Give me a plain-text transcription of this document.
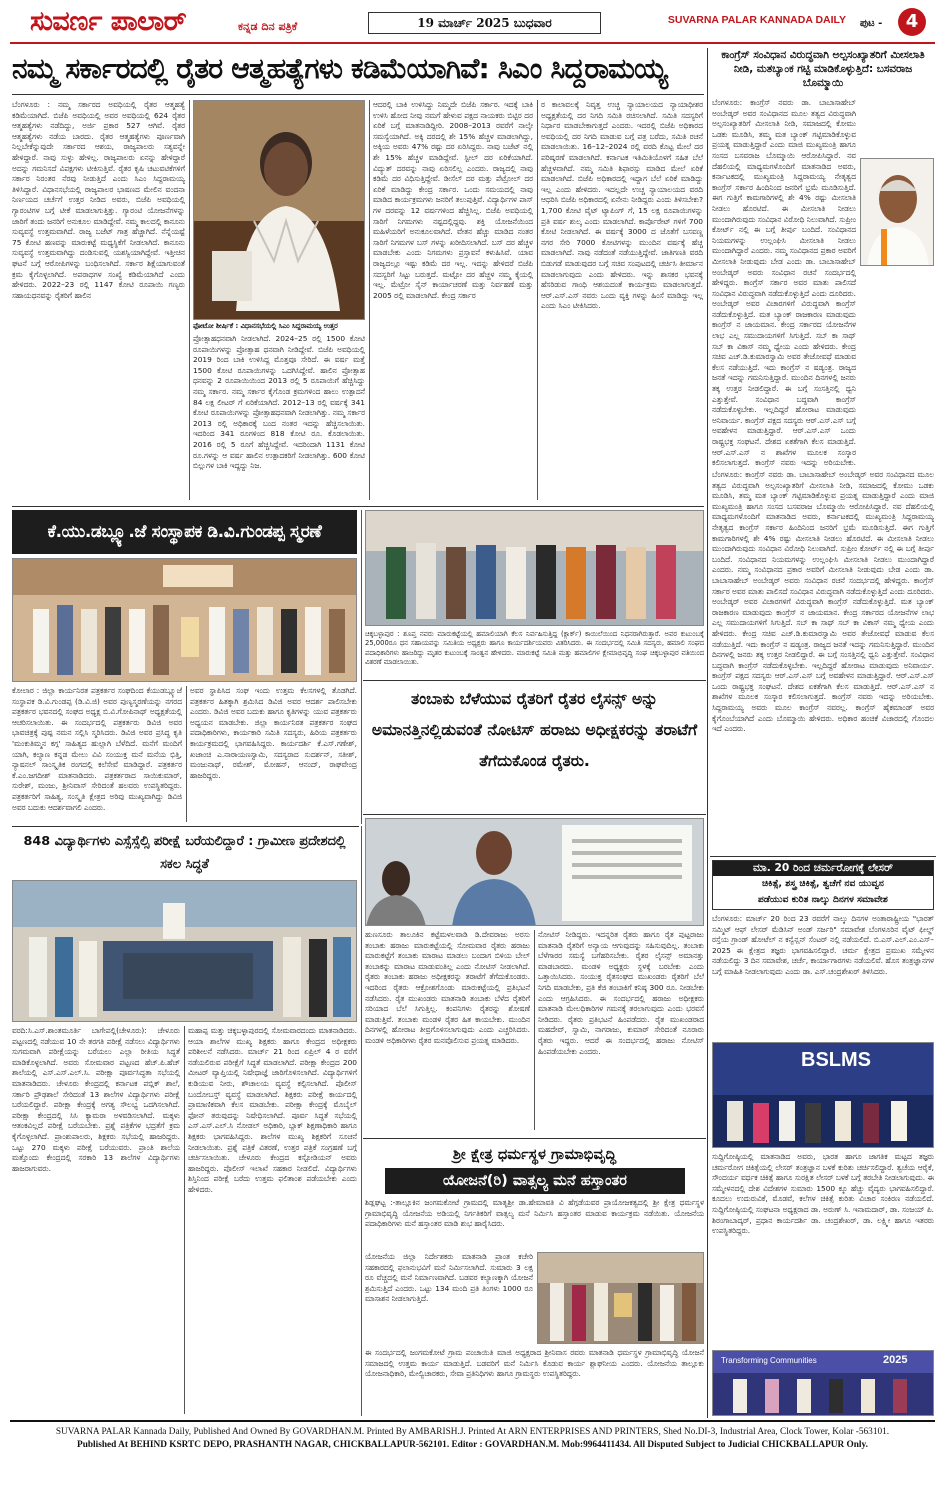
ಸುವರ್ಣ ಪಾಲಾರ್	ಕನ್ನಡ ದಿನ ಪತ್ರಿಕೆ	19 ಮಾರ್ಚ್ 2025 ಬುಧವಾರ	SUVARNA PALAR KANNADA DAILY ಪುಟ -	4
ನಮ್ಮ ಸರ್ಕಾರದಲ್ಲಿ ರೈತರ ಆತ್ಮಹತ್ಯೆಗಳು ಕಡಿಮೆಯಾಗಿವೆ: ಸಿಎಂ ಸಿದ್ದರಾಮಯ್ಯ
ಬೆಂಗಳೂರು : ನಮ್ಮ ಸರ್ಕಾರದ ಅವಧಿಯಲ್ಲಿ ರೈತರ ಆತ್ಮಹತ್ಯೆ ಕಡಿಮೆಯಾಗಿದೆ. ಬಿಜೆಪಿ ಅವಧಿಯಲ್ಲಿ ಅವರ ಅವಧಿಯಲ್ಲಿ 624 ರೈತರ ಆತ್ಮಹತ್ಯೆಗಳು ನಡೆದಿದ್ದು, ಅರ್ಜಿ ಪ್ರಕಾರ 527 ಆಗಿವೆ. ರೈತರ ಆತ್ಮಹತ್ಯೆಗಳು ನಡೆಯ ಬಾರದು. ರೈತರ ಆತ್ಮಹತ್ಯೆಗಳು ಪೂರ್ಣವಾಗಿ ನಿಲ್ಲಬೇಕೆನ್ನುವುದೇ ಸರ್ಕಾರದ ಆಶಯ, ರಾಜ್ಯಪಾಲರು ಸತ್ಯವನ್ನೇ ಹೇಳಿದ್ದಾರೆ. ನಾವು ಸುಳ್ಳು ಹೇಳಿಲ್ಲ. ರಾಜ್ಯಪಾಲರು ಏನನ್ನು ಹೇಳಿದ್ದಾರೆ ಅದನ್ನು ಗಮನಿಸದೆ ವಿಪಕ್ಷಗಳು ಟೀಕಿಸುತ್ತಿವೆ. ರೈತರ ಕೃಷಿ ಚಟುವಟಿಕೆಗಳಿಗೆ ಸರ್ಕಾರ ನಿರಂತರ ನೆರವು ನೀಡುತ್ತಿದೆ ಎಂದು ಸಿಎಂ ಸಿದ್ದರಾಮಯ್ಯ ತಿಳಿಸಿದ್ದಾರೆ. ವಿಧಾನಸಭೆಯಲ್ಲಿ ರಾಜ್ಯಪಾಲರ ಭಾಷಣದ ಮೇಲಿನ ವಂದನಾ ನಿರ್ಣಯದ ಚರ್ಚೆಗೆ ಉತ್ತರ ನೀಡಿದ ಅವರು, ಬಿಜೆಪಿ ಅವಧಿಯಲ್ಲಿ ಗ್ಯಾರಂಟಿಗಳ ಬಗ್ಗೆ ಟೀಕೆ ಮಾಡಲಾಗುತ್ತಿತ್ತು. ಗ್ಯಾರಂಟಿ ಯೋಜನೆಗಳನ್ನು ಜಾರಿಗೆ ತಂದು ಜನರಿಗೆ ಅನುಕೂಲ ಮಾಡಿದ್ದೇವೆ. ನಮ್ಮ ಕಾಲದಲ್ಲಿ ಕಾನೂನು ಸುವ್ಯವಸ್ಥೆ ಉತ್ತಮವಾಗಿದೆ. ರಾಜ್ಯ ಬಜೆಟ್ ಗಾತ್ರ ಹೆಚ್ಚಾಗಿದೆ. ನೆನ್ನೆಯಷ್ಟೆ 75 ಕೋಟಿ ಹಣವನ್ನು ಮಾರುಕಟ್ಟೆ ಮಧ್ಯಸ್ಥಿಕೆಗೆ ನೀಡಲಾಗಿದೆ. ಕಾನೂನು ಸುವ್ಯವಸ್ಥೆ ಉತ್ತಮವಾಗಿದ್ದು ದಂಡಿಸುವಲ್ಲಿ ಯಶಸ್ವಿಯಾಗಿದ್ದೇವೆ. ಇತ್ತೀಚಿನ ಘಟನೆ ಬಗ್ಗೆ ಆರೋಪಿಗಳನ್ನು ಬಂಧಿಸಲಾಗಿದೆ. ಸರ್ಕಾರ ಶಿಕ್ಷೆಯಾಗುವಂತೆ ಕ್ರಮ ಕೈಗೊಳ್ಳಲಾಗಿದೆ. ಅಪರಾಧಗಳ ಸಂಖ್ಯೆ ಕಡಿಮೆಯಾಗಿದೆ ಎಂದು ಹೇಳಿದರು. 2022–23 ರಲ್ಲಿ 1147 ಕೋಟಿ ರೂಪಾಯಿ ಗಣ್ಯರು ಸಹಾಯಧನವನ್ನು ರೈತರಿಗೆ ಹಾಲಿನ
ಫೋಟೋ ಶೀರ್ಷಿಕೆ : ವಿಧಾನಸಭೆಯಲ್ಲಿ ಸಿಎಂ ಸಿದ್ದರಾಮಯ್ಯ ಉತ್ತರ
ಪ್ರೋತ್ಸಾಹಧನವಾಗಿ ನೀಡಲಾಗಿದೆ. 2024–25 ರಲ್ಲಿ 1500 ಕೋಟಿ ರೂಪಾಯಿಗಳನ್ನು ಪ್ರೋತ್ಸಾಹ ಧನವಾಗಿ ನೀಡಿದ್ದೇವೆ. ಬಿಜೆಪಿ ಅವಧಿಯಲ್ಲಿ 2019 ರಿಂದ ಬಾಕಿ ಉಳಿಸಿದ್ದ ಮೊತ್ತವೂ ಸೇರಿದೆ. ಈ ವರ್ಷ ಮತ್ತೆ 1500 ಕೋಟಿ ರೂಪಾಯಿಗಳನ್ನು ಒದಗಿಸಿದ್ದೇವೆ. ಹಾಲಿನ ಪ್ರೋತ್ಸಾಹ ಧನವನ್ನು 2 ರೂಪಾಯಿಯಿಂದ 2013 ರಲ್ಲಿ 5 ರೂಪಾಯಿಗೆ ಹೆಚ್ಚಿಸಿದ್ದು ನಮ್ಮ ಸರ್ಕಾರ. ನಮ್ಮ ಸರ್ಕಾರ ಕೈಗೊಂಡ ಕ್ರಮಗಳಿಂದ ಹಾಲು ಉತ್ಪಾದನೆ 84 ಲಕ್ಷ ಲೀಟರ್ ಗೆ ಏರಿಕೆಯಾಗಿದೆ. 2012–13 ರಲ್ಲಿ ವರ್ಷಕ್ಕೆ 341 ಕೋಟಿ ರೂಪಾಯಿಗಳನ್ನು ಪ್ರೋತ್ಸಾಹಧನವಾಗಿ ನೀಡಲಾಗಿತ್ತು. ನಮ್ಮ ಸರ್ಕಾರ 2013 ರಲ್ಲಿ ಅಧಿಕಾರಕ್ಕೆ ಬಂದ ನಂತರ ಇದನ್ನು ಹೆಚ್ಚಿಸಲಾಯಿತು. ಇದರಿಂದ 341 ರೂಗಳಿಂದ 818 ಕೋಟಿ ರೂ. ಕೊಡಲಾಯಿತು. 2016 ರಲ್ಲಿ 5 ರೂಗೆ ಹೆಚ್ಚಿಸಿದ್ದೇವೆ. ಇದರಿಂದಾಗಿ 1131 ಕೋಟಿ ರೂ.ಗಳನ್ನು ಆ ವರ್ಷ ಹಾಲಿನ ಉತ್ಪಾದಕರಿಗೆ ನೀಡಲಾಗಿತ್ತು. 600 ಕೋಟಿ ಬಿಲ್ಲುಗಳ ಬಾಕಿ ಇದ್ದದ್ದು ನಿಜ.
ಆದರಲ್ಲಿ ಬಾಕಿ ಉಳಿಸಿದ್ದು ನಿಮ್ಮದೇ ಬಿಜೆಪಿ ಸರ್ಕಾರ. ಇದಕ್ಕೆ ಬಾಕಿ ಉಳಿಸಿ ಹೋದ ನೀವು ನಮಗೆ ಹೇಳುವ ಪಕ್ಷದ ನಾಯಕರು ಬಿಟ್ಟಿರ ದರ ಏರಿಕೆ ಬಗ್ಗೆ ಮಾತನಾಡಿದ್ದೀರಿ. 2008–2013 ರವರೆಗೆ ನಾಲ್ಕೇ ಸಮಸ್ಯೆಯಾಗಿದೆ. ಅಕ್ಕಿ ದರದಲ್ಲಿ ಶೇ 15% ಹೆಚ್ಚಳ ಮಾಡಲಾಗಿದ್ದು, ಅಕ್ಕಿಯ ಅವರು 47% ರಷ್ಟು ದರ ಏರಿಸಿದ್ದರು. ನಾವು ಬಜೆಟ್ ನಲ್ಲಿ ಶೇ 15% ಹೆಚ್ಚಳ ಮಾಡಿದ್ದೇವೆ. ಸ್ಟೀಲ್ ದರ ಏರಿಕೆಯಾಗಿದೆ. ವಿದ್ಯುತ್ ದರವನ್ನು ನಾವು ಏರಿಸಲಿಲ್ಲ ಎಂದರು. ರಾಜ್ಯದಲ್ಲಿ ನಾವು ಕಡಿಮೆ ದರ ವಿಧಿಸುತ್ತಿದ್ದೇವೆ. ಡೀಸೆಲ್ ದರ ಮತ್ತು ಪೆಟ್ರೋಲ್ ದರ ಏರಿಕೆ ಮಾಡಿದ್ದು ಕೇಂದ್ರ ಸರ್ಕಾರ. ಒಂದು ಸಮಯದಲ್ಲಿ ನಾವು ಮಾಡಿದ ಕಾರ್ಯಕ್ರಮಗಳು ಜನರಿಗೆ ತಲುಪುತ್ತಿವೆ. ವಿದ್ಯಾರ್ಥಿಗಳ ಪಾಸ್ ಗಳ ದರವನ್ನು 12 ವರ್ಷಗಳಿಂದ ಹೆಚ್ಚಿಸಿಲ್ಲ. ಬಿಜೆಪಿ ಅವಧಿಯಲ್ಲಿ ಸಾರಿಗೆ ನಿಗಮಗಳು ನಷ್ಟದಲ್ಲಿದ್ದವು. ಶಕ್ತಿ ಯೋಜನೆಯಿಂದ ಮಹಿಳೆಯರಿಗೆ ಅನುಕೂಲವಾಗಿದೆ. ವೇತನ ಹೆಚ್ಚು ಮಾಡಿದ ನಂತರ ಸಾರಿಗೆ ನಿಗಮಗಳ ಬಸ್ ಗಳನ್ನು ಖರೀದಿಸಲಾಗಿದೆ. ಬಸ್ ದರ ಹೆಚ್ಚಳ ಮಾಡಬೇಕು ಎಂದು ನಿಗಮಗಳು ಪ್ರಸ್ತಾವನೆ ಕಳುಹಿಸಿವೆ. ಯಾವ ರಾಜ್ಯದಲ್ಲೂ ಇಷ್ಟು ಕಡಿಮೆ ದರ ಇಲ್ಲ. ಇದನ್ನು ಹೇಳಿದರೆ ಬಿಜೆಪಿ ಸದಸ್ಯರಿಗೆ ಸಿಟ್ಟು ಬರುತ್ತದೆ. ಮಟ್ಟೋ ದರ ಹೆಚ್ಚಳ ನಮ್ಮ ಕೈಯಲ್ಲಿ ಇಲ್ಲ. ಮೆಟ್ರೋ ಸೈನ್ ಕಾರ್ಯಾಚರಣೆ ಮತ್ತು ನಿರ್ವಹಣೆ ಮತ್ತು 2005 ರಲ್ಲಿ ಮಾಡಲಾಗಿದೆ. ಕೇಂದ್ರ ಸರ್ಕಾರ
ರ ಕಾಲಾವಲಕ್ಕೆ ನಿವೃತ್ತ ಉಚ್ಚ ನ್ಯಾಯಾಲಯದ ನ್ಯಾಯಾಧೀಶರ ಅಧ್ಯಕ್ಷತೆಯಲ್ಲಿ ದರ ನಿಗದಿ ಸಮಿತಿ ರಚಿಸಲಾಗಿದೆ. ಸಮಿತಿ ಸದಸ್ಯರಿಗೆ ನಿರ್ಧಾರ ಮಾಡಬೇಕಾಗುತ್ತದೆ ಎಂದರು. ಇದರಲ್ಲಿ ಬಿಜೆಪಿ ಅಧಿಕಾರದ ಅವಧಿಯಲ್ಲಿ ದರ ನಿಗದಿ ಮಾಡುವ ಬಗ್ಗೆ ಪತ್ರ ಬರೆದು, ಸಮಿತಿ ರಚನೆ ಮಾಡಲಾಯಿತು. 16–12–2024 ರಲ್ಲಿ ವರದಿ ಕೊಟ್ಟ ಮೇಲೆ ದರ ಪರಿಷ್ಕರಣೆ ಮಾಡಲಾಗಿದೆ. ಕರ್ನಾಟಕ ಇತಿಮಿತಿಯೊಳಗೆ ಸಹಿತ ಬೆಲೆ ಹೆಚ್ಚಳವಾಗಿದೆ. ನಮ್ಮ ಸಮಿತಿ ಶಿಫಾರಸ್ಸು ಮಾಡಿದ ಮೇಲೆ ಏರಿಕೆ ಮಾಡಲಾಗಿದೆ. ಬಿಜೆಪಿ ಅಧಿಕಾರದಲ್ಲಿ ಇದ್ದಾಗ ಬೆಲೆ ಏರಿಕೆ ಮಾಡಿದ್ದು ಇಲ್ಲ ಎಂದು ಹೇಳಿದರು. ಇದಲ್ಲದೇ ಉಚ್ಚ ನ್ಯಾಯಾಲಯದ ವರದಿ ಆಧರಿಸಿ ಬಿಜೆಪಿ ಅಧಿಕಾರದಲ್ಲಿ ಏನೇನು ನೀಡಿದ್ದರು ಎಂದು ತಿಳಿಸಬೇಕು? 1,700 ಕೋಟಿ ವೈಟ್ ಟ್ಯಾಪಿಂಗ್ ಗೆ, 15 ಲಕ್ಷ ರೂಪಾಯಿಗಳನ್ನು ಪ್ರತಿ ವರ್ಷ ಶುಲ್ಕ ಎಂದು ಮಾಡಲಾಗಿದೆ. ಕಾರ್ಪೊರೇಟ್ ಗಳಿಗೆ 700 ಕೋಟಿ ನೀಡಲಾಗಿದೆ. ಈ ವರ್ಷಕ್ಕೆ 3000 ದ ಜೊತೆಗೆ ಬಸವಣ್ಣ ನಗರ ಸೇರಿ 7000 ಕೋಟಿಗಳನ್ನು ಮುಂದಿನ ವರ್ಷಕ್ಕೆ ಹೆಚ್ಚ ಮಾಡಲಾಗಿದೆ. ನಾವು ನಡೆದಂತೆ ನಡೆಯುತ್ತಿದ್ದೇವೆ. ಜಾತಿಗಣತಿ ವರದಿ ಬಿಡುಗಡೆ ಮಾಡುವುದರ ಬಗ್ಗೆ ಸಚಿವ ಸಂಪುಟದಲ್ಲಿ ಚರ್ಚಿಸಿ ತೀರ್ಮಾನ ಮಾಡಲಾಗುವುದು ಎಂದು ಹೇಳಿದರು. ಇನ್ನು ಶಾಸಕರ ಭವನಕ್ಕೆ ಹೆಸರಿಡುವ ಗಾಂಧಿ ಆಶಯದಂತೆ ಕಾರ್ಯಕ್ರಮ ಮಾಡಲಾಗುತ್ತದೆ. ಆರ್.ಎಸ್.ಎಸ್ ನವರು ಒಂದು ವ್ಯಕ್ತಿ ಗಳನ್ನು ಹಿಂಸೆ ಮಾಡಿದ್ದು ಇಲ್ಲ ಎಂದು ಸಿಎಂ ಟೀಕಿಸಿದರು.
ಕಾಂಗ್ರೆಸ್ ಸಂವಿಧಾನ ವಿರುದ್ಧವಾಗಿ ಅಲ್ಪಸಂಖ್ಯಾತರಿಗೆ ಮೀಸಲಾತಿ ನೀಡಿ, ಮತಬ್ಯಾಂಕ ಗಟ್ಟಿ ಮಾಡಿಕೊಳ್ಳುತ್ತಿದೆ: ಬಸವರಾಜ ಬೊಮ್ಮಾಯಿ
ಬೆಂಗಳೂರು: ಕಾಂಗ್ರೆಸ್ ನವರು ಡಾ. ಬಾಬಾಸಾಹೇಬ್ ಅಂಬೇಡ್ಕರ್ ಅವರ ಸಂವಿಧಾನದ ಮೂಲ ತತ್ವದ ವಿರುದ್ಧವಾಗಿ ಅಲ್ಪಸಂಖ್ಯಾತರಿಗೆ ಮೀಸಲಾತಿ ನೀಡಿ, ಸಮಾಜದಲ್ಲಿ ಕೋಮು ಒಡಕು ಮೂಡಿಸಿ, ತಮ್ಮ ಮತ ಬ್ಯಾಂಕ್ ಗಟ್ಟಿಮಾಡಿಕೊಳ್ಳುವ ಪ್ರಯತ್ನ ಮಾಡುತ್ತಿದ್ದಾರೆ ಎಂದು ಮಾಜಿ ಮುಖ್ಯಮಂತ್ರಿ ಹಾಗೂ ಸಂಸದ ಬಸವರಾಜ ಬೊಮ್ಮಾಯಿ ಆರೋಪಿಸಿದ್ದಾರೆ. ನವ ದೆಹಲಿಯಲ್ಲಿ ಮಾಧ್ಯಮಗಳೊಂದಿಗೆ ಮಾತನಾಡಿದ ಅವರು, ಕರ್ನಾಟಕದಲ್ಲಿ ಮುಖ್ಯಮಂತ್ರಿ ಸಿದ್ದರಾಮಯ್ಯ ನೇತೃತ್ವದ ಕಾಂಗ್ರೆಸ್ ಸರ್ಕಾರ ಹಿಂದಿನಿಂದ ಜನರಿಗೆ ಭ್ರಮೆ ಮೂಡಿಸುತ್ತಿದೆ. ಈಗ ಗುತ್ತಿಗೆ ಕಾಮಗಾರಿಗಳಲ್ಲಿ ಶೇ 4% ರಷ್ಟು ಮೀಸಲಾತಿ ನೀಡಲು ಹೊರಟಿದೆ. ಈ ಮೀಸಲಾತಿ ನೀಡಲು ಮುಂದಾಗಿರುವುದು ಸಂವಿಧಾನ ವಿರೋಧಿ ನಿಲುವಾಗಿದೆ. ಸುಪ್ರೀಂ ಕೋರ್ಟ್ ನಲ್ಲಿ ಈ ಬಗ್ಗೆ ತೀರ್ಪು ಬಂದಿದೆ. ಸಂವಿಧಾನದ ನಿಯಮಗಳನ್ನು ಉಲ್ಲಂಘಿಸಿ ಮೀಸಲಾತಿ ನೀಡಲು ಮುಂದಾಗಿದ್ದಾರೆ ಎಂದರು. ನಮ್ಮ ಸಂವಿಧಾನದ ಪ್ರಕಾರ ಅವರಿಗೆ ಮೀಸಲಾತಿ ನೀಡುವುದು ಬೇಡ ಎಂದು ಡಾ. ಬಾಬಾಸಾಹೇಬ್ ಅಂಬೇಡ್ಕರ್ ಅವರು ಸಂವಿಧಾನ ರಚನೆ ಸಂದರ್ಭದಲ್ಲಿ ಹೇಳಿದ್ದರು. ಕಾಂಗ್ರೆಸ್ ಸರ್ಕಾರ ಅವರ ಮಾತು ಪಾಲಿಸದೆ ಸಂವಿಧಾನ ವಿರುದ್ಧವಾಗಿ ನಡೆದುಕೊಳ್ಳುತ್ತಿದೆ ಎಂದು ದೂರಿದರು. ಅಂಬೇಡ್ಕರ್ ಅವರ ವಿಚಾರಗಳಿಗೆ ವಿರುದ್ಧವಾಗಿ ಕಾಂಗ್ರೆಸ್ ನಡೆದುಕೊಳ್ಳುತ್ತಿದೆ. ಮತ ಬ್ಯಾಂಕ್ ರಾಜಕಾರಣ ಮಾಡುವುದು ಕಾಂಗ್ರೆಸ್ ನ ಜಾಯಮಾನ. ಕೇಂದ್ರ ಸರ್ಕಾರದ ಯೋಜನೆಗಳ ಲಾಭ ಎಲ್ಲ ಸಮುದಾಯಗಳಿಗೆ ಸಿಗುತ್ತಿದೆ. ಸಬ್ ಕಾ ಸಾಥ್ ಸಬ್ ಕಾ ವಿಕಾಸ್ ನಮ್ಮ ಧ್ಯೇಯ ಎಂದು ಹೇಳಿದರು. ಕೇಂದ್ರ ಸಚಿವ ಎಚ್.ಡಿ.ಕುಮಾರಸ್ವಾಮಿ ಅವರ ತೇಜೋವಧೆ ಮಾಡುವ ಕೆಲಸ ನಡೆಯುತ್ತಿದೆ. ಇದು ಕಾಂಗ್ರೆಸ್ ನ ಷಡ್ಯಂತ್ರ. ರಾಜ್ಯದ ಜನತೆ ಇದನ್ನು ಗಮನಿಸುತ್ತಿದ್ದಾರೆ. ಮುಂದಿನ ದಿನಗಳಲ್ಲಿ ಜನರು ತಕ್ಕ ಉತ್ತರ ನೀಡಲಿದ್ದಾರೆ. ಈ ಬಗ್ಗೆ ಸಂಸತ್ತಿನಲ್ಲಿ ಧ್ವನಿ ಎತ್ತುತ್ತೇವೆ. ಸಂವಿಧಾನ ಬದ್ಧವಾಗಿ ಕಾಂಗ್ರೆಸ್ ನಡೆದುಕೊಳ್ಳಬೇಕು. ಇಲ್ಲದಿದ್ದರೆ ಹೋರಾಟ ಮಾಡುವುದು ಅನಿವಾರ್ಯ. ಕಾಂಗ್ರೆಸ್ ಪಕ್ಷದ ಸದಸ್ಯರು ಆರ್.ಎಸ್.ಎಸ್ ಬಗ್ಗೆ ಅವಹೇಳನ ಮಾಡುತ್ತಿದ್ದಾರೆ. ಆರ್.ಎಸ್.ಎಸ್ ಒಂದು ರಾಷ್ಟ್ರಭಕ್ತ ಸಂಘಟನೆ. ದೇಶದ ಏಕತೆಗಾಗಿ ಕೆಲಸ ಮಾಡುತ್ತಿದೆ. ಆರ್.ಎಸ್.ಎಸ್ ನ ಶಾಖೆಗಳ ಮೂಲಕ ಸಂಸ್ಕಾರ ಕಲಿಸಲಾಗುತ್ತದೆ. ಕಾಂಗ್ರೆಸ್ ನವರು ಇದನ್ನು ಅರಿಯಬೇಕು.
ಬೆಂಗಳೂರು: ಕಾಂಗ್ರೆಸ್ ನವರು ಡಾ. ಬಾಬಾಸಾಹೇಬ್ ಅಂಬೇಡ್ಕರ್ ಅವರ ಸಂವಿಧಾನದ ಮೂಲ ತತ್ವದ ವಿರುದ್ಧವಾಗಿ ಅಲ್ಪಸಂಖ್ಯಾತರಿಗೆ ಮೀಸಲಾತಿ ನೀಡಿ, ಸಮಾಜದಲ್ಲಿ ಕೋಮು ಒಡಕು ಮೂಡಿಸಿ, ತಮ್ಮ ಮತ ಬ್ಯಾಂಕ್ ಗಟ್ಟಿಮಾಡಿಕೊಳ್ಳುವ ಪ್ರಯತ್ನ ಮಾಡುತ್ತಿದ್ದಾರೆ ಎಂದು ಮಾಜಿ ಮುಖ್ಯಮಂತ್ರಿ ಹಾಗೂ ಸಂಸದ ಬಸವರಾಜ ಬೊಮ್ಮಾಯಿ ಆರೋಪಿಸಿದ್ದಾರೆ. ನವ ದೆಹಲಿಯಲ್ಲಿ ಮಾಧ್ಯಮಗಳೊಂದಿಗೆ ಮಾತನಾಡಿದ ಅವರು, ಕರ್ನಾಟಕದಲ್ಲಿ ಮುಖ್ಯಮಂತ್ರಿ ಸಿದ್ದರಾಮಯ್ಯ ನೇತೃತ್ವದ ಕಾಂಗ್ರೆಸ್ ಸರ್ಕಾರ ಹಿಂದಿನಿಂದ ಜನರಿಗೆ ಭ್ರಮೆ ಮೂಡಿಸುತ್ತಿದೆ. ಈಗ ಗುತ್ತಿಗೆ ಕಾಮಗಾರಿಗಳಲ್ಲಿ ಶೇ 4% ರಷ್ಟು ಮೀಸಲಾತಿ ನೀಡಲು ಹೊರಟಿದೆ. ಈ ಮೀಸಲಾತಿ ನೀಡಲು ಮುಂದಾಗಿರುವುದು ಸಂವಿಧಾನ ವಿರೋಧಿ ನಿಲುವಾಗಿದೆ. ಸುಪ್ರೀಂ ಕೋರ್ಟ್ ನಲ್ಲಿ ಈ ಬಗ್ಗೆ ತೀರ್ಪು ಬಂದಿದೆ. ಸಂವಿಧಾನದ ನಿಯಮಗಳನ್ನು ಉಲ್ಲಂಘಿಸಿ ಮೀಸಲಾತಿ ನೀಡಲು ಮುಂದಾಗಿದ್ದಾರೆ ಎಂದರು. ನಮ್ಮ ಸಂವಿಧಾನದ ಪ್ರಕಾರ ಅವರಿಗೆ ಮೀಸಲಾತಿ ನೀಡುವುದು ಬೇಡ ಎಂದು ಡಾ. ಬಾಬಾಸಾಹೇಬ್ ಅಂಬೇಡ್ಕರ್ ಅವರು ಸಂವಿಧಾನ ರಚನೆ ಸಂದರ್ಭದಲ್ಲಿ ಹೇಳಿದ್ದರು. ಕಾಂಗ್ರೆಸ್ ಸರ್ಕಾರ ಅವರ ಮಾತು ಪಾಲಿಸದೆ ಸಂವಿಧಾನ ವಿರುದ್ಧವಾಗಿ ನಡೆದುಕೊಳ್ಳುತ್ತಿದೆ ಎಂದು ದೂರಿದರು. ಅಂಬೇಡ್ಕರ್ ಅವರ ವಿಚಾರಗಳಿಗೆ ವಿರುದ್ಧವಾಗಿ ಕಾಂಗ್ರೆಸ್ ನಡೆದುಕೊಳ್ಳುತ್ತಿದೆ. ಮತ ಬ್ಯಾಂಕ್ ರಾಜಕಾರಣ ಮಾಡುವುದು ಕಾಂಗ್ರೆಸ್ ನ ಜಾಯಮಾನ. ಕೇಂದ್ರ ಸರ್ಕಾರದ ಯೋಜನೆಗಳ ಲಾಭ ಎಲ್ಲ ಸಮುದಾಯಗಳಿಗೆ ಸಿಗುತ್ತಿದೆ. ಸಬ್ ಕಾ ಸಾಥ್ ಸಬ್ ಕಾ ವಿಕಾಸ್ ನಮ್ಮ ಧ್ಯೇಯ ಎಂದು ಹೇಳಿದರು. ಕೇಂದ್ರ ಸಚಿವ ಎಚ್.ಡಿ.ಕುಮಾರಸ್ವಾಮಿ ಅವರ ತೇಜೋವಧೆ ಮಾಡುವ ಕೆಲಸ ನಡೆಯುತ್ತಿದೆ. ಇದು ಕಾಂಗ್ರೆಸ್ ನ ಷಡ್ಯಂತ್ರ. ರಾಜ್ಯದ ಜನತೆ ಇದನ್ನು ಗಮನಿಸುತ್ತಿದ್ದಾರೆ. ಮುಂದಿನ ದಿನಗಳಲ್ಲಿ ಜನರು ತಕ್ಕ ಉತ್ತರ ನೀಡಲಿದ್ದಾರೆ. ಈ ಬಗ್ಗೆ ಸಂಸತ್ತಿನಲ್ಲಿ ಧ್ವನಿ ಎತ್ತುತ್ತೇವೆ. ಸಂವಿಧಾನ ಬದ್ಧವಾಗಿ ಕಾಂಗ್ರೆಸ್ ನಡೆದುಕೊಳ್ಳಬೇಕು. ಇಲ್ಲದಿದ್ದರೆ ಹೋರಾಟ ಮಾಡುವುದು ಅನಿವಾರ್ಯ. ಕಾಂಗ್ರೆಸ್ ಪಕ್ಷದ ಸದಸ್ಯರು ಆರ್.ಎಸ್.ಎಸ್ ಬಗ್ಗೆ ಅವಹೇಳನ ಮಾಡುತ್ತಿದ್ದಾರೆ. ಆರ್.ಎಸ್.ಎಸ್ ಒಂದು ರಾಷ್ಟ್ರಭಕ್ತ ಸಂಘಟನೆ. ದೇಶದ ಏಕತೆಗಾಗಿ ಕೆಲಸ ಮಾಡುತ್ತಿದೆ. ಆರ್.ಎಸ್.ಎಸ್ ನ ಶಾಖೆಗಳ ಮೂಲಕ ಸಂಸ್ಕಾರ ಕಲಿಸಲಾಗುತ್ತದೆ. ಕಾಂಗ್ರೆಸ್ ನವರು ಇದನ್ನು ಅರಿಯಬೇಕು. ಸಿದ್ದರಾಮಯ್ಯ ಅವರು ಮೂಲ ಕಾಂಗ್ರೆಸ್ ನವರಲ್ಲ. ಕಾಂಗ್ರೆಸ್ ಹೈಕಮಾಂಡ್ ಅವರ ಕೈಗೊಂಬೆಯಾಗಿದೆ ಎಂದು ಬೊಮ್ಮಾಯಿ ಹೇಳಿದರು. ಅಧಿಕಾರ ಹಂಚಿಕೆ ವಿಚಾರದಲ್ಲಿ ಗೊಂದಲ ಇದೆ ಎಂದರು.
ಮಾ. 20 ರಿಂದ ಚರ್ಮರೋಗಕ್ಕೆ ಲೇಸರ್
ಚಿಕಿತ್ಸೆ, ಶಸ್ತ್ರ ಚಿಕಿತ್ಸೆ, ತ್ವಚೆಗೆ ನವ ಯುವ್ವನ
ಪಡೆಯುವ ಕುರಿತ ನಾಲ್ಕು ದಿನಗಳ ಸಮಾವೇಶ
ಬೆಂಗಳೂರು: ಮಾರ್ಚ್ 20 ರಿಂದ 23 ರವರೆಗೆ ನಾಲ್ಕು ದಿನಗಳ ಅಂತಾರಾಷ್ಟ್ರೀಯ "ಭಾರತ್ ಸಮ್ಮಿಟ್ ಆಫ್ ಲೇಸರ್ ಮೆಡಿಸಿನ್ ಅಂಡ್ ಸರ್ಜರಿ" ಸಮಾವೇಶ ಬೆಂಗಳೂರಿನ ವೈಟ್ ಫೀಲ್ಡ್ ರಸ್ತೆಯ ಗ್ರಾಂಡ್ ಹೋಟೆಲ್ ನ ಕನ್ವೆನ್ಷನ್ ಸೆಂಟರ್ ನಲ್ಲಿ ನಡೆಯಲಿದೆ. ಬಿ.ಎಸ್.ಎಲ್.ಎಂ.ಎಸ್–2025 ಈ ಕ್ಷೇತ್ರದ ತಜ್ಞರು ಭಾಗವಹಿಸಲಿದ್ದಾರೆ. ಚರ್ಮ ಕ್ಷೇತ್ರದ ಪ್ರಮುಖ ಸಮ್ಮೇಳನ ನಡೆಯಲಿದ್ದು 3 ದಿನ ಸಮಾವೇಶ, ಚರ್ಚೆ, ಕಾರ್ಯಾಗಾರಗಳು ನಡೆಯಲಿವೆ. ಹೊಸ ತಂತ್ರಜ್ಞಾನಗಳ ಬಗ್ಗೆ ಮಾಹಿತಿ ನೀಡಲಾಗುವುದು ಎಂದು ಡಾ. ಎಸ್.ಚಂದ್ರಶೇಖರ್ ತಿಳಿಸಿದರು.
BSLMS
ಸುದ್ದಿಗೋಷ್ಠಿಯಲ್ಲಿ ಮಾತನಾಡಿದ ಅವರು, ಭಾರತ ಹಾಗೂ ಜಾಗತಿಕ ಮಟ್ಟದ ತಜ್ಞರು ಚರ್ಮರೋಗ ಚಿಕಿತ್ಸೆಯಲ್ಲಿ ಲೇಸರ್ ತಂತ್ರಜ್ಞಾನ ಬಳಕೆ ಕುರಿತು ಚರ್ಚಿಸಲಿದ್ದಾರೆ. ತ್ವಚೆಯ ಆರೈಕೆ, ಸೌಂದರ್ಯ ವರ್ಧಕ ಚಿಕಿತ್ಸೆ ಹಾಗೂ ಸುರಕ್ಷಿತ ಲೇಸರ್ ಬಳಕೆ ಬಗ್ಗೆ ತರಬೇತಿ ನೀಡಲಾಗುವುದು. ಈ ಸಮ್ಮೇಳನದಲ್ಲಿ ದೇಶ ವಿದೇಶಗಳ ಸುಮಾರು 1500 ಕ್ಕೂ ಹೆಚ್ಚು ವೈದ್ಯರು ಭಾಗವಹಿಸಲಿದ್ದಾರೆ. ಕೂದಲು ಉದುರುವಿಕೆ, ಮೊಡವೆ, ಕಲೆಗಳ ಚಿಕಿತ್ಸೆ ಕುರಿತು ವಿಚಾರ ಸಂಕಿರಣ ನಡೆಯಲಿದೆ. ಸುದ್ದಿಗೋಷ್ಠಿಯಲ್ಲಿ ಸಂಘಟನಾ ಅಧ್ಯಕ್ಷರಾದ ಡಾ. ಅರುಣ್ ಸಿ. ಇನಾಮದಾರ್, ಡಾ. ಸಂಜಯ್ ಪಿ. ಶಿರಂಗಾಬಾದ್ಕರ್, ಪ್ರಧಾನ ಕಾರ್ಯದರ್ಶಿ ಡಾ. ಚಂದ್ರಶೇಖರ್, ಡಾ. ಲಕ್ಷ್ಮೀ ಹಾಗೂ ಇತರರು ಉಪಸ್ಥಿತರಿದ್ದರು.
Transforming Communities	2025
ಕೆ.ಯು.ಡಬ್ಲ್ಯೂ.ಜೆ ಸಂಸ್ಥಾಪಕ ಡಿ.ವಿ.ಗುಂಡಪ್ಪ ಸ್ಮರಣೆ
ಕೋಲಾರ : ಜಿಲ್ಲಾ ಕಾರ್ಯನಿರತ ಪತ್ರಕರ್ತರ ಸಂಘದಿಂದ ಕೆಯುಡಬ್ಲ್ಯೂಜೆ ಸಂಸ್ಥಾಪಕ ಡಿ.ವಿ.ಗುಂಡಪ್ಪ (ಡಿ.ವಿ.ಜಿ) ಅವರ ಪುಣ್ಯಸ್ಮರಣೆಯನ್ನು ನಗರದ ಪತ್ರಕರ್ತರ ಭವನದಲ್ಲಿ ಸಂಘದ ಅಧ್ಯಕ್ಷ ಬಿ.ವಿ.ಗೋಪಿನಾಥ್ ಅಧ್ಯಕ್ಷತೆಯಲ್ಲಿ ಆಚರಿಸಲಾಯಿತು. ಈ ಸಂದರ್ಭದಲ್ಲಿ ಪತ್ರಕರ್ತರು ಡಿವಿಜಿ ಅವರ ಭಾವಚಿತ್ರಕ್ಕೆ ಪುಷ್ಪ ನಮನ ಸಲ್ಲಿಸಿ ಸ್ಮರಿಸಿದರು. ಡಿವಿಜಿ ಅವರ ಪ್ರಸಿದ್ಧ ಕೃತಿ 'ಮಂಕುತಿಮ್ಮನ ಕಗ್ಗ' ಸಾಹಿತ್ಯದ ಹುಲ್ಲಾಗಿ ಬೆಳೆದಿದೆ. ಮನೆಗೆ ಮಂದಿಗೆ ಯಾಗಿ, ಕಲ್ಯಾಣ ಕನ್ನಡ ಮೇಲು ವಿವಿ ಸಂಯುಕ್ತ ಮನೆ ಮನೆಯ ಭಿತ್ತಿ, ನ್ಯಾಷನಲ್ ಸಾಂಸ್ಕೃತಿಕ ರಂಗದಲ್ಲಿ ಕಲೆಸೇವೆ ಮಾಡಿದ್ದಾರೆ. ಪತ್ರಕರ್ತರ ಕೆ.ಎಂ.ಜಗದೀಶ್ ಮಾತನಾಡಿದರು. ಪತ್ರಕರ್ತರಾದ ಸಾಯಿಕುಮಾರ್, ಸುರೇಶ್, ಮಂಜು, ಶ್ರೀನಿವಾಸ್ ಸೇರಿದಂತೆ ಹಲವರು ಉಪಸ್ಥಿತರಿದ್ದರು. ಪತ್ರಕರ್ತರಿಗೆ ಸಾಹಿತ್ಯ, ಸಂಸ್ಕೃತಿ ಕ್ಷೇತ್ರದ ಅರಿವು ಮುಖ್ಯವಾಗಿದ್ದು ಡಿವಿಜಿ ಅವರ ಬದುಕು ಆದರ್ಶವಾಗಲಿ ಎಂದರು.
ಅವರ ಸ್ಥಾಪಿಸಿದ ಸಂಘ ಇಂದು ಉತ್ತಮ ಕೆಲಸಗಳಲ್ಲಿ ತೊಡಗಿದೆ. ಪತ್ರಕರ್ತರ ಹಿತಕ್ಕಾಗಿ ಶ್ರಮಿಸಿದ ಡಿವಿಜಿ ಅವರ ಆದರ್ಶ ಪಾಲಿಸಬೇಕು ಎಂದರು. ಡಿವಿಜಿ ಅವರ ಬದುಕು ಹಾಗೂ ಕೃತಿಗಳನ್ನು ಯುವ ಪತ್ರಕರ್ತರು ಅಧ್ಯಯನ ಮಾಡಬೇಕು. ಜಿಲ್ಲಾ ಕಾರ್ಯನಿರತ ಪತ್ರಕರ್ತರ ಸಂಘದ ಪದಾಧಿಕಾರಿಗಳು, ಕಾರ್ಯಕಾರಿ ಸಮಿತಿ ಸದಸ್ಯರು, ಹಿರಿಯ ಪತ್ರಕರ್ತರು ಕಾರ್ಯಕ್ರಮದಲ್ಲಿ ಭಾಗವಹಿಸಿದ್ದರು. ಕಾರ್ಯದರ್ಶಿ ಕೆ.ಎಸ್.ಗಣೇಶ್, ಖಜಾಂಚಿ ಎ.ನಾರಾಯಣಸ್ವಾಮಿ, ಸದಸ್ಯರಾದ ಸುದರ್ಶನ್, ಸತೀಶ್, ಮಂಜುನಾಥ್, ರಮೇಶ್, ಮೋಹನ್, ಆನಂದ್, ರಾಘವೇಂದ್ರ ಹಾಜರಿದ್ದರು.
ಚಿಕ್ಕಬಳ್ಳಾಪುರ : ಶೂಪ್ತ ನವರು ಮಾರುಕಟ್ಟೆಯಲ್ಲಿ ಹಮಾಲಿಯಾಗಿ ಕೆಲಸ ನಿರ್ವಹಿಸುತ್ತಿದ್ದ (ಕ್ಲಾರ್ಕ್) ಕಾಯಿಲೆಯಿಂದ ನಿಧನರಾಗಿರುತ್ತಾರೆ. ಅವರ ಕುಟುಂಬಕ್ಕೆ 25,000ರೂ ಧನ ಸಹಾಯವನ್ನು ಸಮಿತಿಯ ಅಧ್ಯಕ್ಷರು ಹಾಗೂ ಕಾರ್ಯದರ್ಶಿಯವರು ವಿತರಿಸಿದರು. ಈ ಸಂದರ್ಭದಲ್ಲಿ ಸಮಿತಿ ಸದಸ್ಯರು, ಹಮಾಲಿ ಸಂಘದ ಪದಾಧಿಕಾರಿಗಳು ಹಾಜರಿದ್ದು ಮೃತರ ಕುಟುಂಬಕ್ಕೆ ಸಾಂತ್ವನ ಹೇಳಿದರು. ಮಾರುಕಟ್ಟೆ ಸಮಿತಿ ಮತ್ತು ಹಮಾಲಿಗಳ ಕ್ಷೇಮಾಭಿವೃದ್ಧಿ ಸಂಘ ಚಿಕ್ಕಬಳ್ಳಾಪುರ ವತಿಯಿಂದ ವಿತರಣೆ ಮಾಡಲಾಯಿತು.
ತಂಬಾಕು ಬೆಳೆಯುವ ರೈತರಿಗೆ ರೈತರ ಲೈಸನ್ಸ್ ಅನ್ನು ಅಮಾನತ್ತಿನಲ್ಲಿಡುವಂತೆ ನೋಟಿಸ್ ಹರಾಜು ಅಧೀಕ್ಷಕರನ್ನು ತರಾಟೆಗೆ ತೆಗೆದುಕೊಂಡ ರೈತರು.
ಹುಣಸೂರು ತಾಲೂಕಿನ ಕಟ್ಟೆಮಳಲವಾಡಿ ಡಿ.ದೇವರಾಜು ಅರಸು ತಂಬಾಕು ಹರಾಜು ಮಾರುಕಟ್ಟೆಯಲ್ಲಿ ಸೋಮವಾರ ರೈತರು ಹರಾಜು ಮಾರುಕಟ್ಟೆಗೆ ತಂಬಾಕು ಮಾರಾಟ ಮಾಡಲು ಬಂದಾಗ ಬಿಳಿಯ ಬೇಲ್ ತಂಬಾಕನ್ನು ಮಾರಾಟ ಮಾಡುವಂತಿಲ್ಲ ಎಂದು ನೋಟಿಸ್ ನೀಡಲಾಗಿದೆ. ರೈತರು ತಂಬಾಕು ಹರಾಜು ಅಧೀಕ್ಷಕರನ್ನು ತರಾಟೆಗೆ ತೆಗೆದುಕೊಂಡರು. ಇದರಿಂದ ರೈತರು ಆಕ್ರೋಶಗೊಂಡು ಮಾರುಕಟ್ಟೆಯಲ್ಲಿ ಪ್ರತಿಭಟನೆ ನಡೆಸಿದರು. ರೈತ ಮುಖಂಡರು ಮಾತನಾಡಿ ತಂಬಾಕು ಬೆಳೆದ ರೈತರಿಗೆ ಸರಿಯಾದ ಬೆಲೆ ಸಿಗುತ್ತಿಲ್ಲ. ಕಂಪನಿಗಳು ರೈತರನ್ನು ಶೋಷಣೆ ಮಾಡುತ್ತಿವೆ. ತಂಬಾಕು ಮಂಡಳಿ ರೈತರ ಹಿತ ಕಾಯಬೇಕು. ಮುಂದಿನ ದಿನಗಳಲ್ಲಿ ಹೋರಾಟ ತೀವ್ರಗೊಳಿಸಲಾಗುವುದು ಎಂದು ಎಚ್ಚರಿಸಿದರು. ಮಂಡಳಿ ಅಧಿಕಾರಿಗಳು ರೈತರ ಮನವೊಲಿಸುವ ಪ್ರಯತ್ನ ಮಾಡಿದರು.
ನೋಟಿಸ್ ನೀಡಿದ್ದರು. ಇದನ್ನರಿತ ರೈತರು ಹಾಗೂ ರೈತ ಪುಟ್ಟರಾಜು ಮಾತನಾಡಿ ರೈತರಿಗೆ ಅನ್ಯಾಯ ಆಗುವುದನ್ನು ಸಹಿಸುವುದಿಲ್ಲ. ತಂಬಾಕು ಬೆಳೆಗಾರರ ಸಮಸ್ಯೆ ಬಗೆಹರಿಸಬೇಕು. ರೈತರ ಲೈಸನ್ಸ್ ಅಮಾನತ್ತು ಮಾಡಬಾರದು. ಮಂಡಳಿ ಅಧ್ಯಕ್ಷರು ಸ್ಥಳಕ್ಕೆ ಬರಬೇಕು ಎಂದು ಒತ್ತಾಯಿಸಿದರು. ಸಂಯುಕ್ತ ರೈತಸಂಘದ ಮುಖಂಡರು ರೈತರಿಗೆ ಬೆಲೆ ನಿಗದಿ ಮಾಡಬೇಕು, ಪ್ರತಿ ಕೆಜಿ ತಂಬಾಕಿಗೆ ಕನಿಷ್ಠ 300 ರೂ. ನೀಡಬೇಕು ಎಂದು ಆಗ್ರಹಿಸಿದರು. ಈ ಸಂದರ್ಭದಲ್ಲಿ ಹರಾಜು ಅಧೀಕ್ಷಕರು ಮಾತನಾಡಿ ಮೇಲಧಿಕಾರಿಗಳ ಗಮನಕ್ಕೆ ತರಲಾಗುವುದು ಎಂದು ಭರವಸೆ ನೀಡಿದರು. ರೈತರು ಪ್ರತಿಭಟನೆ ಹಿಂಪಡೆದರು. ರೈತ ಮುಖಂಡರಾದ ಮಹದೇವ್, ಸ್ವಾಮಿ, ನಾಗರಾಜು, ಕುಮಾರ್ ಸೇರಿದಂತೆ ನೂರಾರು ರೈತರು ಇದ್ದರು. ಆದರೆ ಈ ಸಂದರ್ಭದಲ್ಲಿ ಹರಾಜು ನೋಟಿಸ್ ಹಿಂಪಡೆಯಬೇಕು ಎಂದರು.
848 ವಿದ್ಯಾರ್ಥಿಗಳು ಎಸ್ಸೆಸ್ಸೆಲ್ಸಿ ಪರೀಕ್ಷೆ ಬರೆಯಲಿದ್ದಾರೆ : ಗ್ರಾಮೀಣ ಪ್ರದೇಶದಲ್ಲಿ ಸಕಲ ಸಿದ್ಧತೆ
ವರದಿ:ಸಿ.ಎಸ್.ಶಾಂತಮೂರ್ತಿ ಬಾಗೇಪಲ್ಲಿ(ಚೇಳೂರು): ಚೇಳೂರು ಪಟ್ಟಣದಲ್ಲಿ ನಡೆಯುವ 10 ನೇ ತರಗತಿ ಪರೀಕ್ಷೆ ನಡೆಸಲು ವಿದ್ಯಾರ್ಥಿಗಳು ಸುಗಮವಾಗಿ ಪರೀಕ್ಷೆಯನ್ನು ಬರೆಯಲು ಎಲ್ಲಾ ರೀತಿಯ ಸಿದ್ಧತೆ ಮಾಡಿಕೊಳ್ಳಲಾಗಿದೆ. ಅವರು ಸೋಮವಾರ ಪಟ್ಟಣದ ಹೆಚ್.ಪಿ.ಹೆಚ್ ಶಾಲೆಯಲ್ಲಿ ಎಸ್.ಎಸ್.ಎಲ್.ಸಿ. ಪರೀಕ್ಷಾ ಪೂರ್ವಸಿದ್ಧತಾ ಸಭೆಯಲ್ಲಿ ಮಾತನಾಡಿದರು. ಚೇಳೂರು ಕೇಂದ್ರದಲ್ಲಿ ಕರ್ನಾಟಕ ಪಬ್ಲಿಕ್ ಶಾಲೆ, ಸರ್ಕಾರಿ ಪ್ರೌಢಶಾಲೆ ಸೇರಿದಂತೆ 13 ಶಾಲೆಗಳ ವಿದ್ಯಾರ್ಥಿಗಳು ಪರೀಕ್ಷೆ ಬರೆಯಲಿದ್ದಾರೆ. ಪರೀಕ್ಷಾ ಕೇಂದ್ರಕ್ಕೆ ಅಗತ್ಯ ಸೌಲಭ್ಯ ಒದಗಿಸಲಾಗಿದೆ. ಪರೀಕ್ಷಾ ಕೇಂದ್ರದಲ್ಲಿ ಸಿಸಿ ಕ್ಯಾಮರಾ ಅಳವಡಿಸಲಾಗಿದೆ. ಮಕ್ಕಳು ಆತಂಕವಿಲ್ಲದೆ ಪರೀಕ್ಷೆ ಬರೆಯಬೇಕು. ಪ್ರಶ್ನೆ ಪತ್ರಿಕೆಗಳ ಭದ್ರತೆಗೆ ಕ್ರಮ ಕೈಗೊಳ್ಳಲಾಗಿದೆ. ಪ್ರಾಂಶುಪಾಲರು, ಶಿಕ್ಷಕರು ಸಭೆಯಲ್ಲಿ ಹಾಜರಿದ್ದರು. ಒಟ್ಟು 270 ಮಕ್ಕಳು ಪರೀಕ್ಷೆ ಬರೆಯುವರು. ಪ್ರಾಂತಿ ಶಾಲೆಯ ಮತ್ತೊಂದು ಕೇಂದ್ರದಲ್ಲಿ ಸರಕಾರಿ 13 ಶಾಲೆಗಳ ವಿದ್ಯಾರ್ಥಿಗಳು ಹಾಜರಾಗುವರು.
ಮಹಾಪ್ಪ ಮತ್ತು ಚಿಕ್ಕಬಳ್ಳಾಪುರದಲ್ಲಿ ಸೋಮವಾರದಂದು ಮಾತನಾಡಿದರು. ಆಯಾ ಶಾಲೆಗಳ ಮುಖ್ಯ ಶಿಕ್ಷಕರು ಹಾಗೂ ಕೇಂದ್ರದ ಅಧೀಕ್ಷಕರು ಪರಿಶೀಲನೆ ನಡೆಸಿದರು. ಮಾರ್ಚ್ 21 ರಿಂದ ಏಪ್ರಿಲ್ 4 ರ ವರೆಗೆ ನಡೆಯಲಿರುವ ಪರೀಕ್ಷೆಗೆ ಸಿದ್ಧತೆ ಮಾಡಲಾಗಿದೆ. ಪರೀಕ್ಷಾ ಕೇಂದ್ರದ 200 ಮೀಟರ್ ವ್ಯಾಪ್ತಿಯಲ್ಲಿ ನಿಷೇಧಾಜ್ಞೆ ಜಾರಿಗೊಳಿಸಲಾಗಿದೆ. ವಿದ್ಯಾರ್ಥಿಗಳಿಗೆ ಕುಡಿಯುವ ನೀರು, ಶೌಚಾಲಯ ವ್ಯವಸ್ಥೆ ಕಲ್ಪಿಸಲಾಗಿದೆ. ಪೊಲೀಸ್ ಬಂದೋಬಸ್ತ್ ವ್ಯವಸ್ಥೆ ಮಾಡಲಾಗಿದೆ. ಶಿಕ್ಷಕರು ಪರೀಕ್ಷೆ ಕಾರ್ಯದಲ್ಲಿ ಪ್ರಾಮಾಣಿಕವಾಗಿ ಕೆಲಸ ಮಾಡಬೇಕು. ಪರೀಕ್ಷಾ ಕೇಂದ್ರಕ್ಕೆ ಮೊಬೈಲ್ ಫೋನ್ ತರುವುದನ್ನು ನಿಷೇಧಿಸಲಾಗಿದೆ. ಪೂರ್ವ ಸಿದ್ಧತೆ ಸಭೆಯಲ್ಲಿ ಎಸ್.ಎಸ್.ಎಲ್.ಸಿ ನೋಡಲ್ ಅಧಿಕಾರಿ, ಬ್ಲಾಕ್ ಶಿಕ್ಷಣಾಧಿಕಾರಿ ಹಾಗೂ ಶಿಕ್ಷಕರು ಭಾಗವಹಿಸಿದ್ದರು. ಶಾಲೆಗಳ ಮುಖ್ಯ ಶಿಕ್ಷಕರಿಗೆ ಸೂಚನೆ ನೀಡಲಾಯಿತು. ಪ್ರಶ್ನೆ ಪತ್ರಿಕೆ ವಿತರಣೆ, ಉತ್ತರ ಪತ್ರಿಕೆ ಸಂಗ್ರಹಣೆ ಬಗ್ಗೆ ಚರ್ಚಿಸಲಾಯಿತು. ಚೇಳೂರು ಕೇಂದ್ರದ ಕಸ್ಟೋಡಿಯನ್ ಅವರು ಹಾಜರಿದ್ದರು. ಪೊಲೀಸ್ ಇಲಾಖೆ ಸಹಕಾರ ನೀಡಲಿದೆ. ವಿದ್ಯಾರ್ಥಿಗಳು ಶಿಸ್ತಿನಿಂದ ಪರೀಕ್ಷೆ ಬರೆದು ಉತ್ತಮ ಫಲಿತಾಂಶ ಪಡೆಯಬೇಕು ಎಂದು ಹೇಳಿದರು.
ಶ್ರೀ ಕ್ಷೇತ್ರ ಧರ್ಮಸ್ಥಳ ಗ್ರಾಮಾಭಿವೃದ್ಧಿ
ಯೋಜನೆ(ರಿ) ವಾತ್ಸಲ್ಯ ಮನೆ ಹಸ್ತಾಂತರ
ಶಿಡ್ಲಘಟ್ಟ :-ತಾಲ್ಲೂಕಿನ ಜಂಗಮಕೋಟೆ ಗ್ರಾಮದಲ್ಲಿ ಮಾತೃಶ್ರೀ ಡಾ.ಹೇಮಾವತಿ ವಿ ಹೆಗ್ಗಡೆಯವರ ಪ್ರಾಯೋಜಕತ್ವದಲ್ಲಿ ಶ್ರೀ ಕ್ಷೇತ್ರ ಧರ್ಮಸ್ಥಳ ಗ್ರಾಮಾಭಿವೃದ್ಧಿ ಯೋಜನೆಯ ಅಡಿಯಲ್ಲಿ ನಿರ್ಗತಿಕರಿಗೆ ವಾತ್ಸಲ್ಯ ಮನೆ ನಿರ್ಮಿಸಿ ಹಸ್ತಾಂತರ ಮಾಡುವ ಕಾರ್ಯಕ್ರಮ ನಡೆಯಿತು. ಯೋಜನೆಯ ಪದಾಧಿಕಾರಿಗಳು ಮನೆ ಹಸ್ತಾಂತರ ಮಾಡಿ ಶುಭ ಹಾರೈಸಿದರು.
ಯೋಜನೆಯ ಜಿಲ್ಲಾ ನಿರ್ದೇಶಕರು ಮಾತನಾಡಿ ಪ್ರಾಂತ ಕಚೇರಿ ಸಹಕಾರದಲ್ಲಿ ಫಲಾನುಭವಿಗೆ ಮನೆ ನಿರ್ಮಿಸಲಾಗಿದೆ. ಸುಮಾರು 3 ಲಕ್ಷ ರೂ ವೆಚ್ಚದಲ್ಲಿ ಮನೆ ನಿರ್ಮಾಣವಾಗಿದೆ. ಬಡವರ ಕಲ್ಯಾಣಕ್ಕಾಗಿ ಯೋಜನೆ ಶ್ರಮಿಸುತ್ತಿದೆ ಎಂದರು. ಒಟ್ಟು 134 ಮಂದಿ ಪ್ರತಿ ತಿಂಗಳು 1000 ರೂ ಮಾಸಾಶನ ನೀಡಲಾಗುತ್ತಿದೆ.
ಈ ಸಂದರ್ಭದಲ್ಲಿ ಜಂಗಮಕೋಟೆ ಗ್ರಾಮ ಪಂಚಾಯಿತಿ ಮಾಜಿ ಅಧ್ಯಕ್ಷರಾದ ಶ್ರೀನಿವಾಸ ರವರು ಮಾತನಾಡಿ ಧರ್ಮಸ್ಥಳ ಗ್ರಾಮಾಭಿವೃದ್ಧಿ ಯೋಜನೆ ಸಮಾಜದಲ್ಲಿ ಉತ್ತಮ ಕಾರ್ಯ ಮಾಡುತ್ತಿದೆ. ಬಡವರಿಗೆ ಮನೆ ನಿರ್ಮಿಸಿ ಕೊಡುವ ಕಾರ್ಯ ಶ್ಲಾಘನೀಯ ಎಂದರು. ಯೋಜನೆಯ ತಾಲ್ಲೂಕು ಯೋಜನಾಧಿಕಾರಿ, ಮೇಲ್ವಿಚಾರಕರು, ಸೇವಾ ಪ್ರತಿನಿಧಿಗಳು ಹಾಗೂ ಗ್ರಾಮಸ್ಥರು ಉಪಸ್ಥಿತರಿದ್ದರು.
SUVARNA PALAR Kannada Daily, Published And Owned By GOVARDHAN.M. Printed By AMBARISH.J. Printed At ARN ENTERPRISES AND PRINTERS, Shed No.DI-3, Industrial Area, Clock Tower, Kolar -563101.
Published At BEHIND KSRTC DEPO, PRASHANTH NAGAR, CHICKBALLAPUR-562101. Editor : GOVARDHAN.M. Mob:9964411434. All Disputed Subject to Judicial CHICKBALLAPUR Only.
